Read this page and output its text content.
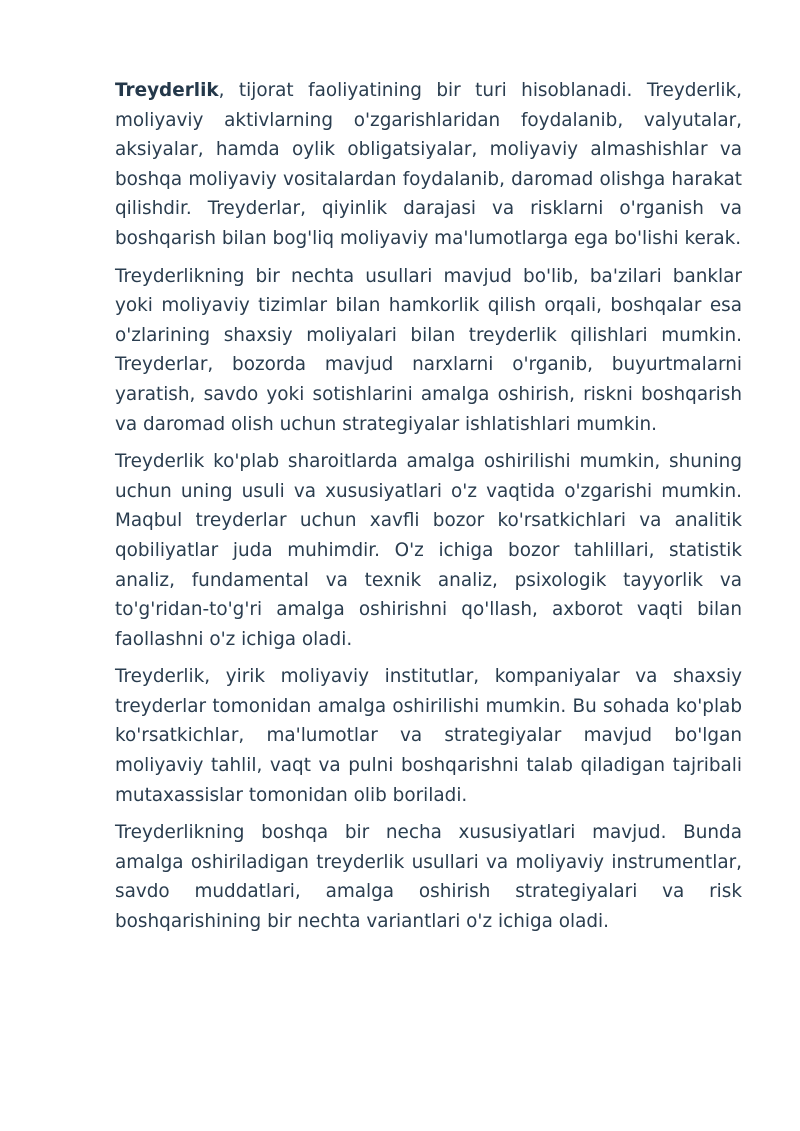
Treyderlik, tijorat faoliyatining bir turi hisoblanadi. Treyderlik, moliyaviy aktivlarning o'zgarishlaridan foydalanib, valyutalar, aksiyalar, hamda oylik obligatsiyalar, moliyaviy almashishlar va boshqa moliyaviy vositalardan foydalanib, daromad olishga harakat qilishdir. Treyderlar, qiyinlik darajasi va risklarni o'rganish va boshqarish bilan bog'liq moliyaviy ma'lumotlarga ega bo'lishi kerak.

Treyderlikning bir nechta usullari mavjud bo'lib, ba'zilari banklar yoki moliyaviy tizimlar bilan hamkorlik qilish orqali, boshqalar esa o'zlarining shaxsiy moliyalari bilan treyderlik qilishlari mumkin. Treyderlar, bozorda mavjud narxlarni o'rganib, buyurtmalarni yaratish, savdo yoki sotishlarini amalga oshirish, riskni boshqarish va daromad olish uchun strategiyalar ishlatishlari mumkin.

Treyderlik ko'plab sharoitlarda amalga oshirilishi mumkin, shuning uchun uning usuli va xususiyatlari o'z vaqtida o'zgarishi mumkin. Maqbul treyderlar uchun xavfli bozor ko'rsatkichlari va analitik qobiliyatlar juda muhimdir. O'z ichiga bozor tahlillari, statistik analiz, fundamental va texnik analiz, psixologik tayyorlik va to'g'ridan-to'g'ri amalga oshirishni qo'llash, axborot vaqti bilan faollashni o'z ichiga oladi.

Treyderlik, yirik moliyaviy institutlar, kompaniyalar va shaxsiy treyderlar tomonidan amalga oshirilishi mumkin. Bu sohada ko'plab ko'rsatkichlar, ma'lumotlar va strategiyalar mavjud bo'lgan moliyaviy tahlil, vaqt va pulni boshqarishni talab qiladigan tajribali mutaxassislar tomonidan olib boriladi.

Treyderlikning boshqa bir necha xususiyatlari mavjud. Bunda amalga oshiriladigan treyderlik usullari va moliyaviy instrumentlar, savdo muddatlari, amalga oshirish strategiyalari va risk boshqarishining bir nechta variantlari o'z ichiga oladi.
